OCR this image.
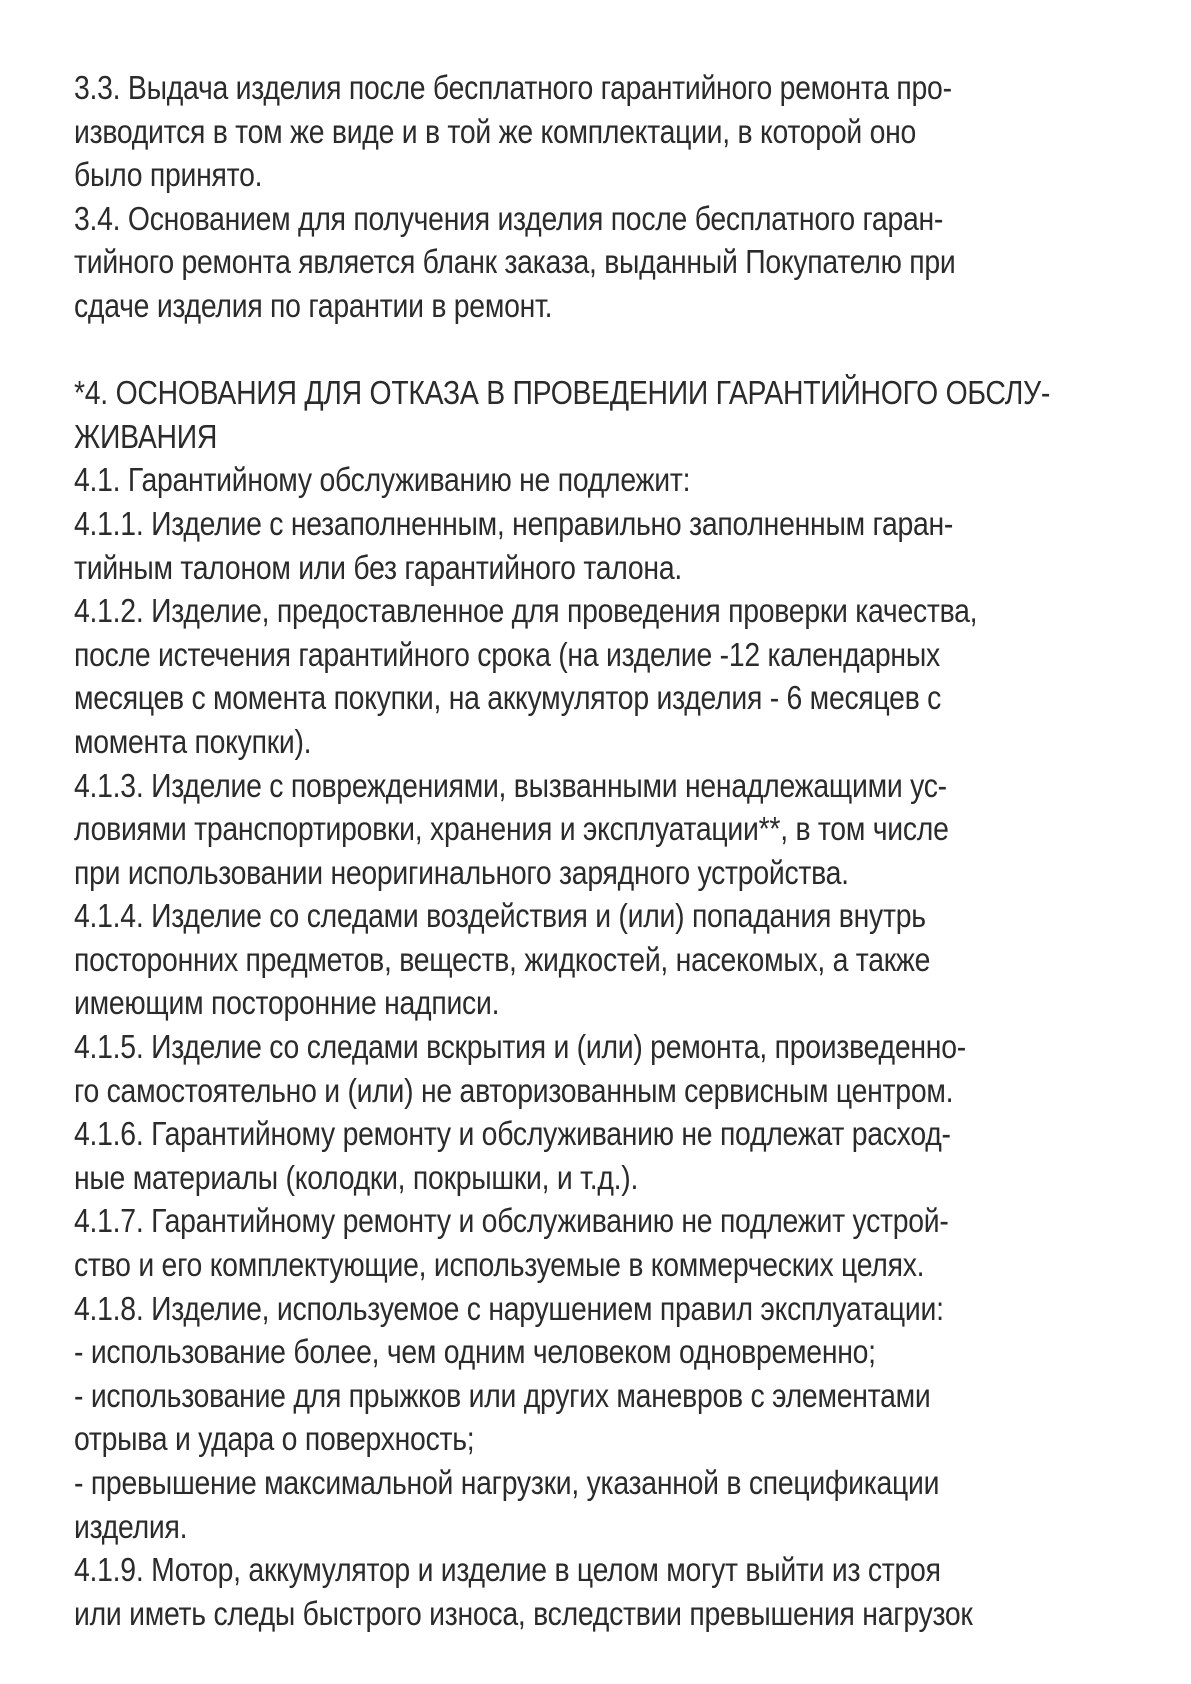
3.3. Выдача изделия после бесплатного гарантийного ремонта про-
изводится в том же виде и в той же комплектации, в которой оно
было принято.
3.4. Основанием для получения изделия после бесплатного гаран-
тийного ремонта является бланк заказа, выданный Покупателю при
сдаче изделия по гарантии в ремонт.
*4. ОСНОВАНИЯ ДЛЯ ОТКАЗА В ПРОВЕДЕНИИ ГАРАНТИЙНОГО ОБСЛУ-
ЖИВАНИЯ
4.1. Гарантийному обслуживанию не подлежит:
4.1.1. Изделие с незаполненным, неправильно заполненным гаран-
тийным талоном или без гарантийного талона.
4.1.2. Изделие, предоставленное для проведения проверки качества,
после истечения гарантийного срока (на изделие -12 календарных
месяцев с момента покупки, на аккумулятор изделия - 6 месяцев с
момента покупки).
4.1.3. Изделие с повреждениями, вызванными ненадлежащими ус-
ловиями транспортировки, хранения и эксплуатации**, в том числе
при использовании неоригинального зарядного устройства.
4.1.4. Изделие со следами воздействия и (или) попадания внутрь
посторонних предметов, веществ, жидкостей, насекомых, а также
имеющим посторонние надписи.
4.1.5. Изделие со следами вскрытия и (или) ремонта, произведенно-
го самостоятельно и (или) не авторизованным сервисным центром.
4.1.6. Гарантийному ремонту и обслуживанию не подлежат расход-
ные материалы (колодки, покрышки, и т.д.).
4.1.7. Гарантийному ремонту и обслуживанию не подлежит устрой-
ство и его комплектующие, используемые в коммерческих целях.
4.1.8. Изделие, используемое с нарушением правил эксплуатации:
- использование более, чем одним человеком одновременно;
- использование для прыжков или других маневров с элементами
отрыва и удара о поверхность;
- превышение максимальной нагрузки, указанной в спецификации
изделия.
4.1.9. Мотор, аккумулятор и изделие в целом могут выйти из строя
или иметь следы быстрого износа, вследствии превышения нагрузок
